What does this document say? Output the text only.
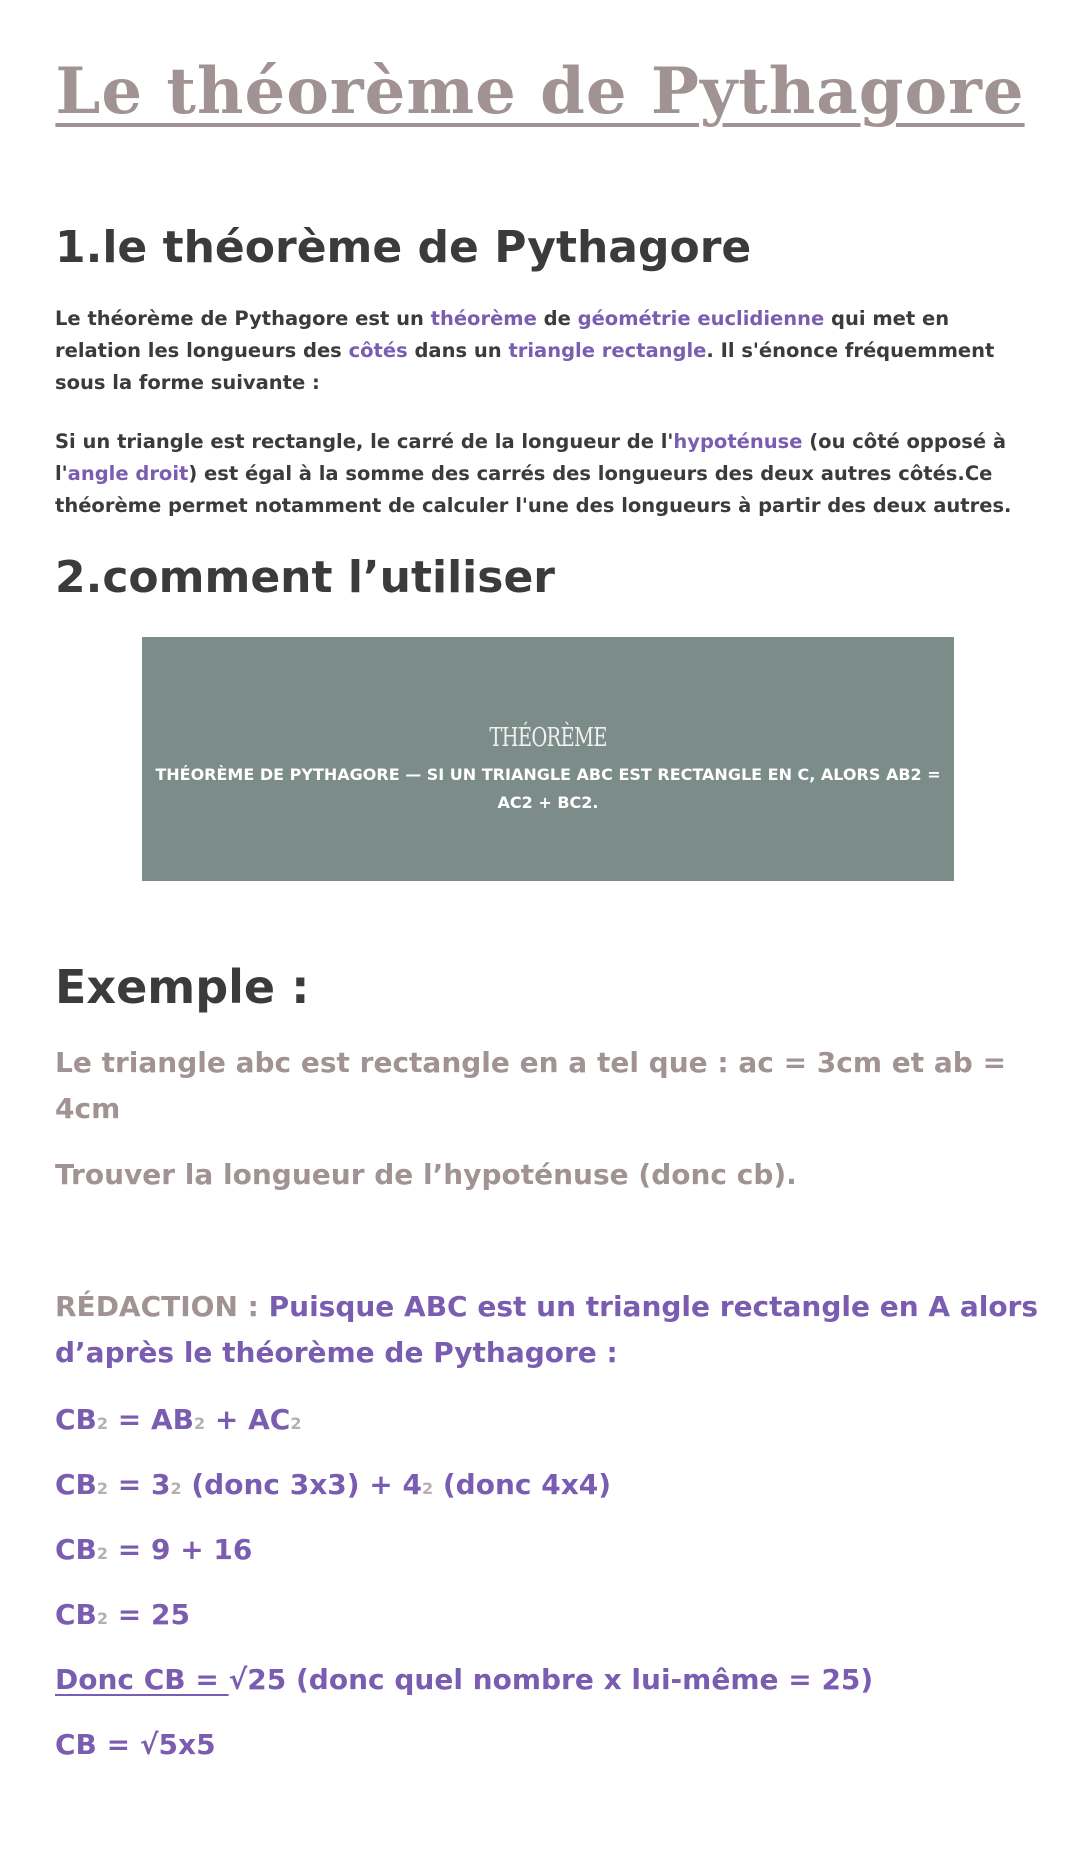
Le théorème de Pythagore
1.le théorème de Pythagore

Le théorème de Pythagore est un théorème de géométrie euclidienne qui met en relation les longueurs des côtés dans un triangle rectangle. Il s'énonce fréquemment sous la forme suivante :

Si un triangle est rectangle, le carré de la longueur de l'hypoténuse (ou côté opposé à l'angle droit) est égal à la somme des carrés des longueurs des deux autres côtés.Ce théorème permet notamment de calculer l'une des longueurs à partir des deux autres.

2.comment l’utiliser
THÉORÈME
THÉORÈME DE PYTHAGORE — SI UN TRIANGLE ABC EST RECTANGLE EN C, ALORS AB2 = AC2 + BC2.
Exemple :

Le triangle abc est rectangle en a tel que : ac = 3cm et ab = 4cm

Trouver la longueur de l’hypoténuse (donc cb).

RÉDACTION : Puisque ABC est un triangle rectangle en A alors d’après le théorème de Pythagore :

CB2 = AB2 + AC2

CB2 = 32 (donc 3x3) + 42 (donc 4x4)

CB2 = 9 + 16

CB2 = 25

Donc CB = √25 (donc quel nombre x lui-même = 25)

CB = √5x5
